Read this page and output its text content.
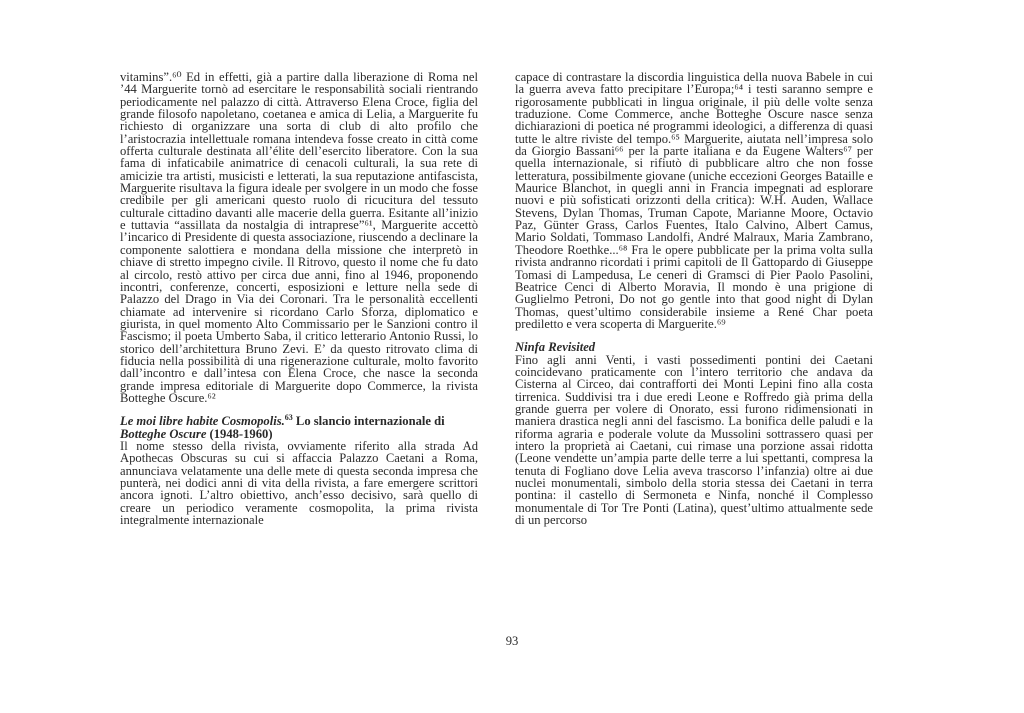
vitamins”.⁶⁰ Ed in effetti, già a partire dalla liberazione di Roma nel ’44 Marguerite tornò ad esercitare le responsabilità sociali rientrando periodicamente nel palazzo di città. Attraverso Elena Croce, figlia del grande filosofo napoletano, coetanea e amica di Lelia, a Marguerite fu richiesto di organizzare una sorta di club di alto profilo che l’aristocrazia intellettuale romana intendeva fosse creato in città come offerta culturale destinata all’élite dell’esercito liberatore. Con la sua fama di infaticabile animatrice di cenacoli culturali, la sua rete di amicizie tra artisti, musicisti e letterati, la sua reputazione antifascista, Marguerite risultava la figura ideale per svolgere in un modo che fosse credibile per gli americani questo ruolo di ricucitura del tessuto culturale cittadino davanti alle macerie della guerra. Esitante all’inizio e tuttavia “assillata da nostalgia di intraprese”⁶¹, Marguerite accettò l’incarico di Presidente di questa associazione, riuscendo a declinare la componente salottiera e mondana della missione che interpretò in chiave di stretto impegno civile. Il Ritrovo, questo il nome che fu dato al circolo, restò attivo per circa due anni, fino al 1946, proponendo incontri, conferenze, concerti, esposizioni e letture nella sede di Palazzo del Drago in Via dei Coronari. Tra le personalità eccellenti chiamate ad intervenire si ricordano Carlo Sforza, diplomatico e giurista, in quel momento Alto Commissario per le Sanzioni contro il Fascismo; il poeta Umberto Saba, il critico letterario Antonio Russi, lo storico dell’architettura Bruno Zevi. E’ da questo ritrovato clima di fiducia nella possibilità di una rigenerazione culturale, molto favorito dall’incontro e dall’intesa con Elena Croce, che nasce la seconda grande impresa editoriale di Marguerite dopo Commerce, la rivista Botteghe Oscure.⁶²

Le moi libre habite Cosmopolis.$^{63}$ Lo slancio internazionale di Botteghe Oscure (1948-1960)

Il nome stesso della rivista, ovviamente riferito alla strada Ad Apothecas Obscuras su cui si affaccia Palazzo Caetani a Roma, annunciava velatamente una delle mete di questa seconda impresa che punterà, nei dodici anni di vita della rivista, a fare emergere scrittori ancora ignoti. L’altro obiettivo, anch’esso decisivo, sarà quello di creare un periodico veramente cosmopolita, la prima rivista integralmente internazionale

capace di contrastare la discordia linguistica della nuova Babele in cui la guerra aveva fatto precipitare l’Europa;⁶⁴ i testi saranno sempre e rigorosamente pubblicati in lingua originale, il più delle volte senza traduzione. Come Commerce, anche Botteghe Oscure nasce senza dichiarazioni di poetica né programmi ideologici, a differenza di quasi tutte le altre riviste del tempo.⁶⁵ Marguerite, aiutata nell’impresa solo da Giorgio Bassani⁶⁶ per la parte italiana e da Eugene Walters⁶⁷ per quella internazionale, si rifiutò di pubblicare altro che non fosse letteratura, possibilmente giovane (uniche eccezioni Georges Bataille e Maurice Blanchot, in quegli anni in Francia impegnati ad esplorare nuovi e più sofisticati orizzonti della critica): W.H. Auden, Wallace Stevens, Dylan Thomas, Truman Capote, Marianne Moore, Octavio Paz, Günter Grass, Carlos Fuentes, Italo Calvino, Albert Camus, Mario Soldati, Tommaso Landolfi, André Malraux, Maria Zambrano, Theodore Roethke...⁶⁸ Fra le opere pubblicate per la prima volta sulla rivista andranno ricordati i primi capitoli de Il Gattopardo di Giuseppe Tomasi di Lampedusa, Le ceneri di Gramsci di Pier Paolo Pasolini, Beatrice Cenci di Alberto Moravia, Il mondo è una prigione di Guglielmo Petroni, Do not go gentle into that good night di Dylan Thomas, quest’ultimo considerabile insieme a René Char poeta prediletto e vera scoperta di Marguerite.⁶⁹

Ninfa Revisited

Fino agli anni Venti, i vasti possedimenti pontini dei Caetani coincidevano praticamente con l’intero territorio che andava da Cisterna al Circeo, dai contrafforti dei Monti Lepini fino alla costa tirrenica. Suddivisi tra i due eredi Leone e Roffredo già prima della grande guerra per volere di Onorato, essi furono ridimensionati in maniera drastica negli anni del fascismo. La bonifica delle paludi e la riforma agraria e poderale volute da Mussolini sottrassero quasi per intero la proprietà ai Caetani, cui rimase una porzione assai ridotta (Leone vendette un’ampia parte delle terre a lui spettanti, compresa la tenuta di Fogliano dove Lelia aveva trascorso l’infanzia) oltre ai due nuclei monumentali, simbolo della storia stessa dei Caetani in terra pontina: il castello di Sermoneta e Ninfa, nonché il Complesso monumentale di Tor Tre Ponti (Latina), quest’ultimo attualmente sede di un percorso

93
